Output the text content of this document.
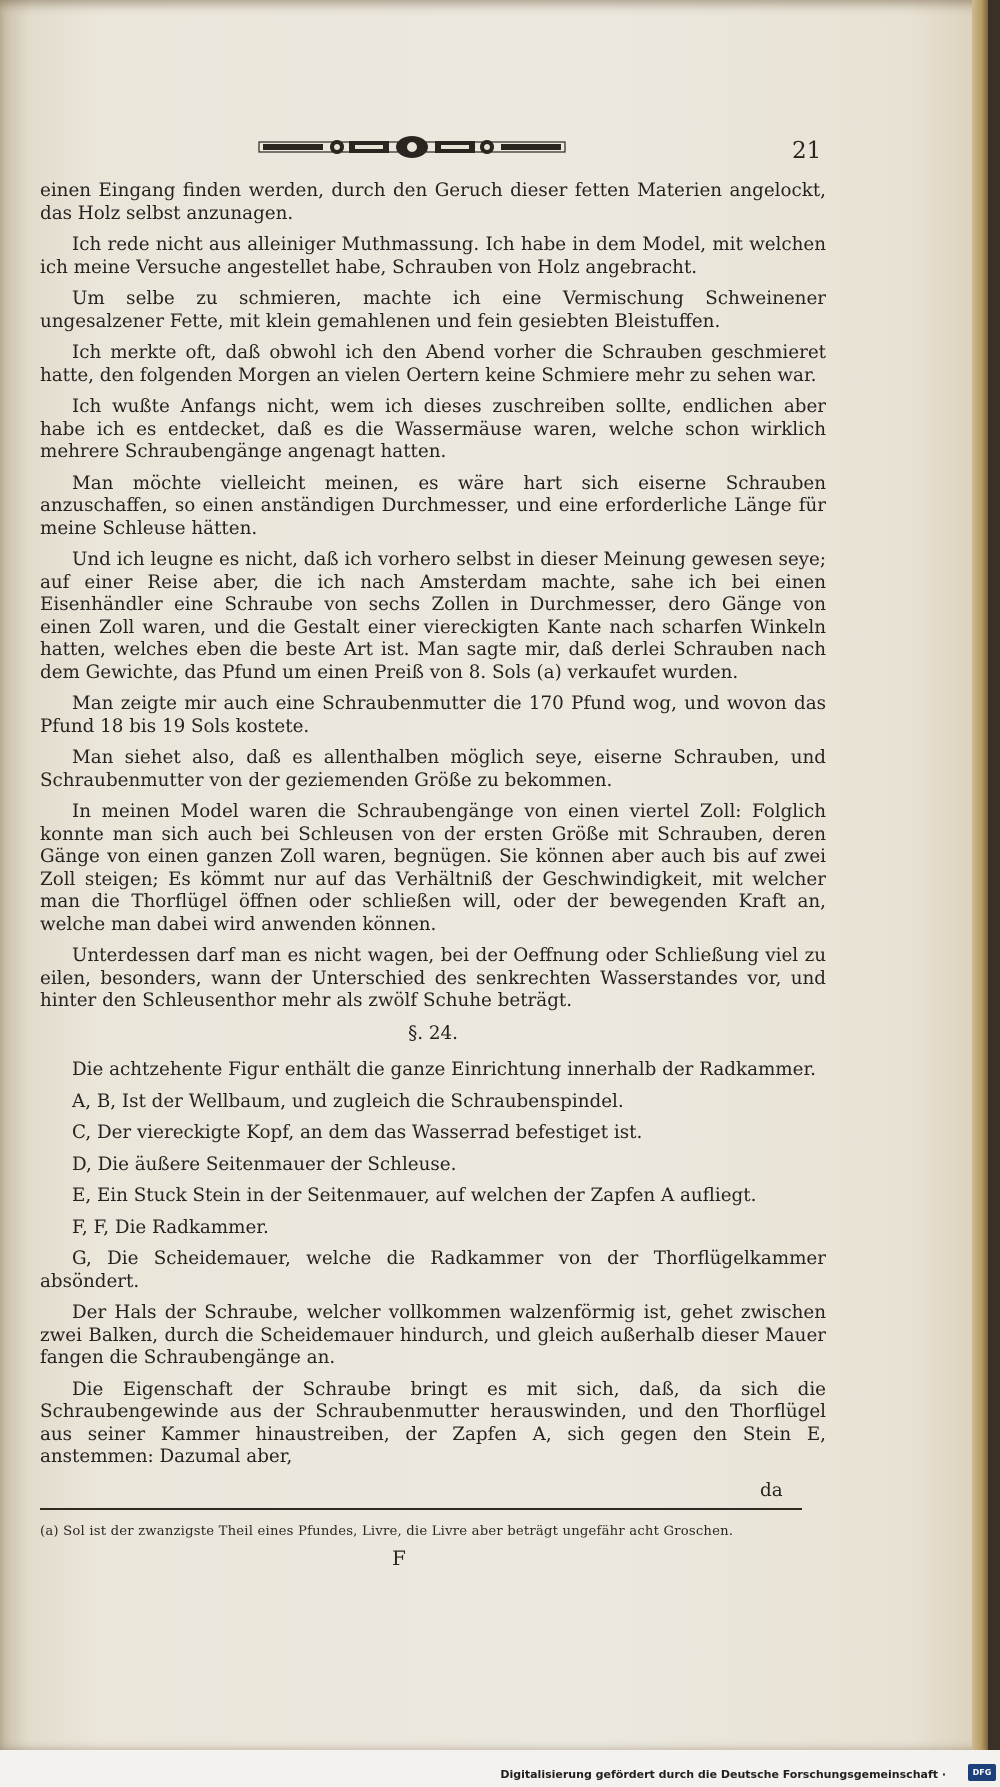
21

einen Eingang finden werden, durch den Geruch dieser fetten Materien angelockt, das Holz selbst anzunagen.

Ich rede nicht aus alleiniger Muthmassung. Ich habe in dem Model, mit welchen ich meine Versuche angestellet habe, Schrauben von Holz angebracht.

Um selbe zu schmieren, machte ich eine Vermischung Schweinener ungesalzener Fette, mit klein gemahlenen und fein gesiebten Bleistuffen.

Ich merkte oft, daß obwohl ich den Abend vorher die Schrauben geschmieret hatte, den folgenden Morgen an vielen Oertern keine Schmiere mehr zu sehen war.

Ich wußte Anfangs nicht, wem ich dieses zuschreiben sollte, endlichen aber habe ich es entdecket, daß es die Wassermäuse waren, welche schon wirklich mehrere Schraubengänge angenagt hatten.

Man möchte vielleicht meinen, es wäre hart sich eiserne Schrauben anzuschaffen, so einen anständigen Durchmesser, und eine erforderliche Länge für meine Schleuse hätten.

Und ich leugne es nicht, daß ich vorhero selbst in dieser Meinung gewesen seye; auf einer Reise aber, die ich nach Amsterdam machte, sahe ich bei einen Eisenhändler eine Schraube von sechs Zollen in Durchmesser, dero Gänge von einen Zoll waren, und die Gestalt einer viereckigten Kante nach scharfen Winkeln hatten, welches eben die beste Art ist. Man sagte mir, daß derlei Schrauben nach dem Gewichte, das Pfund um einen Preiß von 8. Sols (a) verkaufet wurden.

Man zeigte mir auch eine Schraubenmutter die 170 Pfund wog, und wovon das Pfund 18 bis 19 Sols kostete.

Man siehet also, daß es allenthalben möglich seye, eiserne Schrauben, und Schraubenmutter von der gezi̇emenden Größe zu bekommen.

In meinen Model waren die Schraubengänge von einen viertel Zoll: Folglich konnte man sich auch bei Schleusen von der ersten Größe mit Schrauben, deren Gänge von einen ganzen Zoll waren, begnügen. Sie können aber auch bis auf zwei Zoll steigen; Es kömmt nur auf das Verhältniß der Geschwindigkeit, mit welcher man die Thorflügel öffnen oder schließen will, oder der bewegenden Kraft an, welche man dabei wird anwenden können.

Unterdessen darf man es nicht wagen, bei der Oeffnung oder Schließung viel zu eilen, besonders, wann der Unterschied des senkrechten Wasserstandes vor, und hinter den Schleusenthor mehr als zwölf Schuhe beträgt.

§. 24.

Die achtzehente Figur enthält die ganze Einrichtung innerhalb der Radkammer.

A, B, Ist der Wellbaum, und zugleich die Schraubenspindel.

C, Der viereckigte Kopf, an dem das Wasserrad befestiget ist.

D, Die äußere Seitenmauer der Schleuse.

E, Ein Stuck Stein in der Seitenmauer, auf welchen der Zapfen A aufliegt.

F, F, Die Radkammer.

G, Die Scheidemauer, welche die Radkammer von der Thorflügelkammer absöndert.

Der Hals der Schraube, welcher vollkommen walzenförmig ist, gehet zwischen zwei Balken, durch die Scheidemauer hindurch, und gleich außerhalb dieser Mauer fangen die Schraubengänge an.

Die Eigenschaft der Schraube bringt es mit sich, daß, da sich die Schraubengewinde aus der Schraubenmutter herauswinden, und den Thorflügel aus seiner Kammer hinaustreiben, der Zapfen A, sich gegen den Stein E, anstemmen: Dazumal aber,

da
(a) Sol ist der zwanzigste Theil eines Pfundes, Livre, die Livre aber beträgt ungefähr acht Groschen.
F
Digitalisierung gefördert durch die Deutsche Forschungsgemeinschaft ·	DFG
